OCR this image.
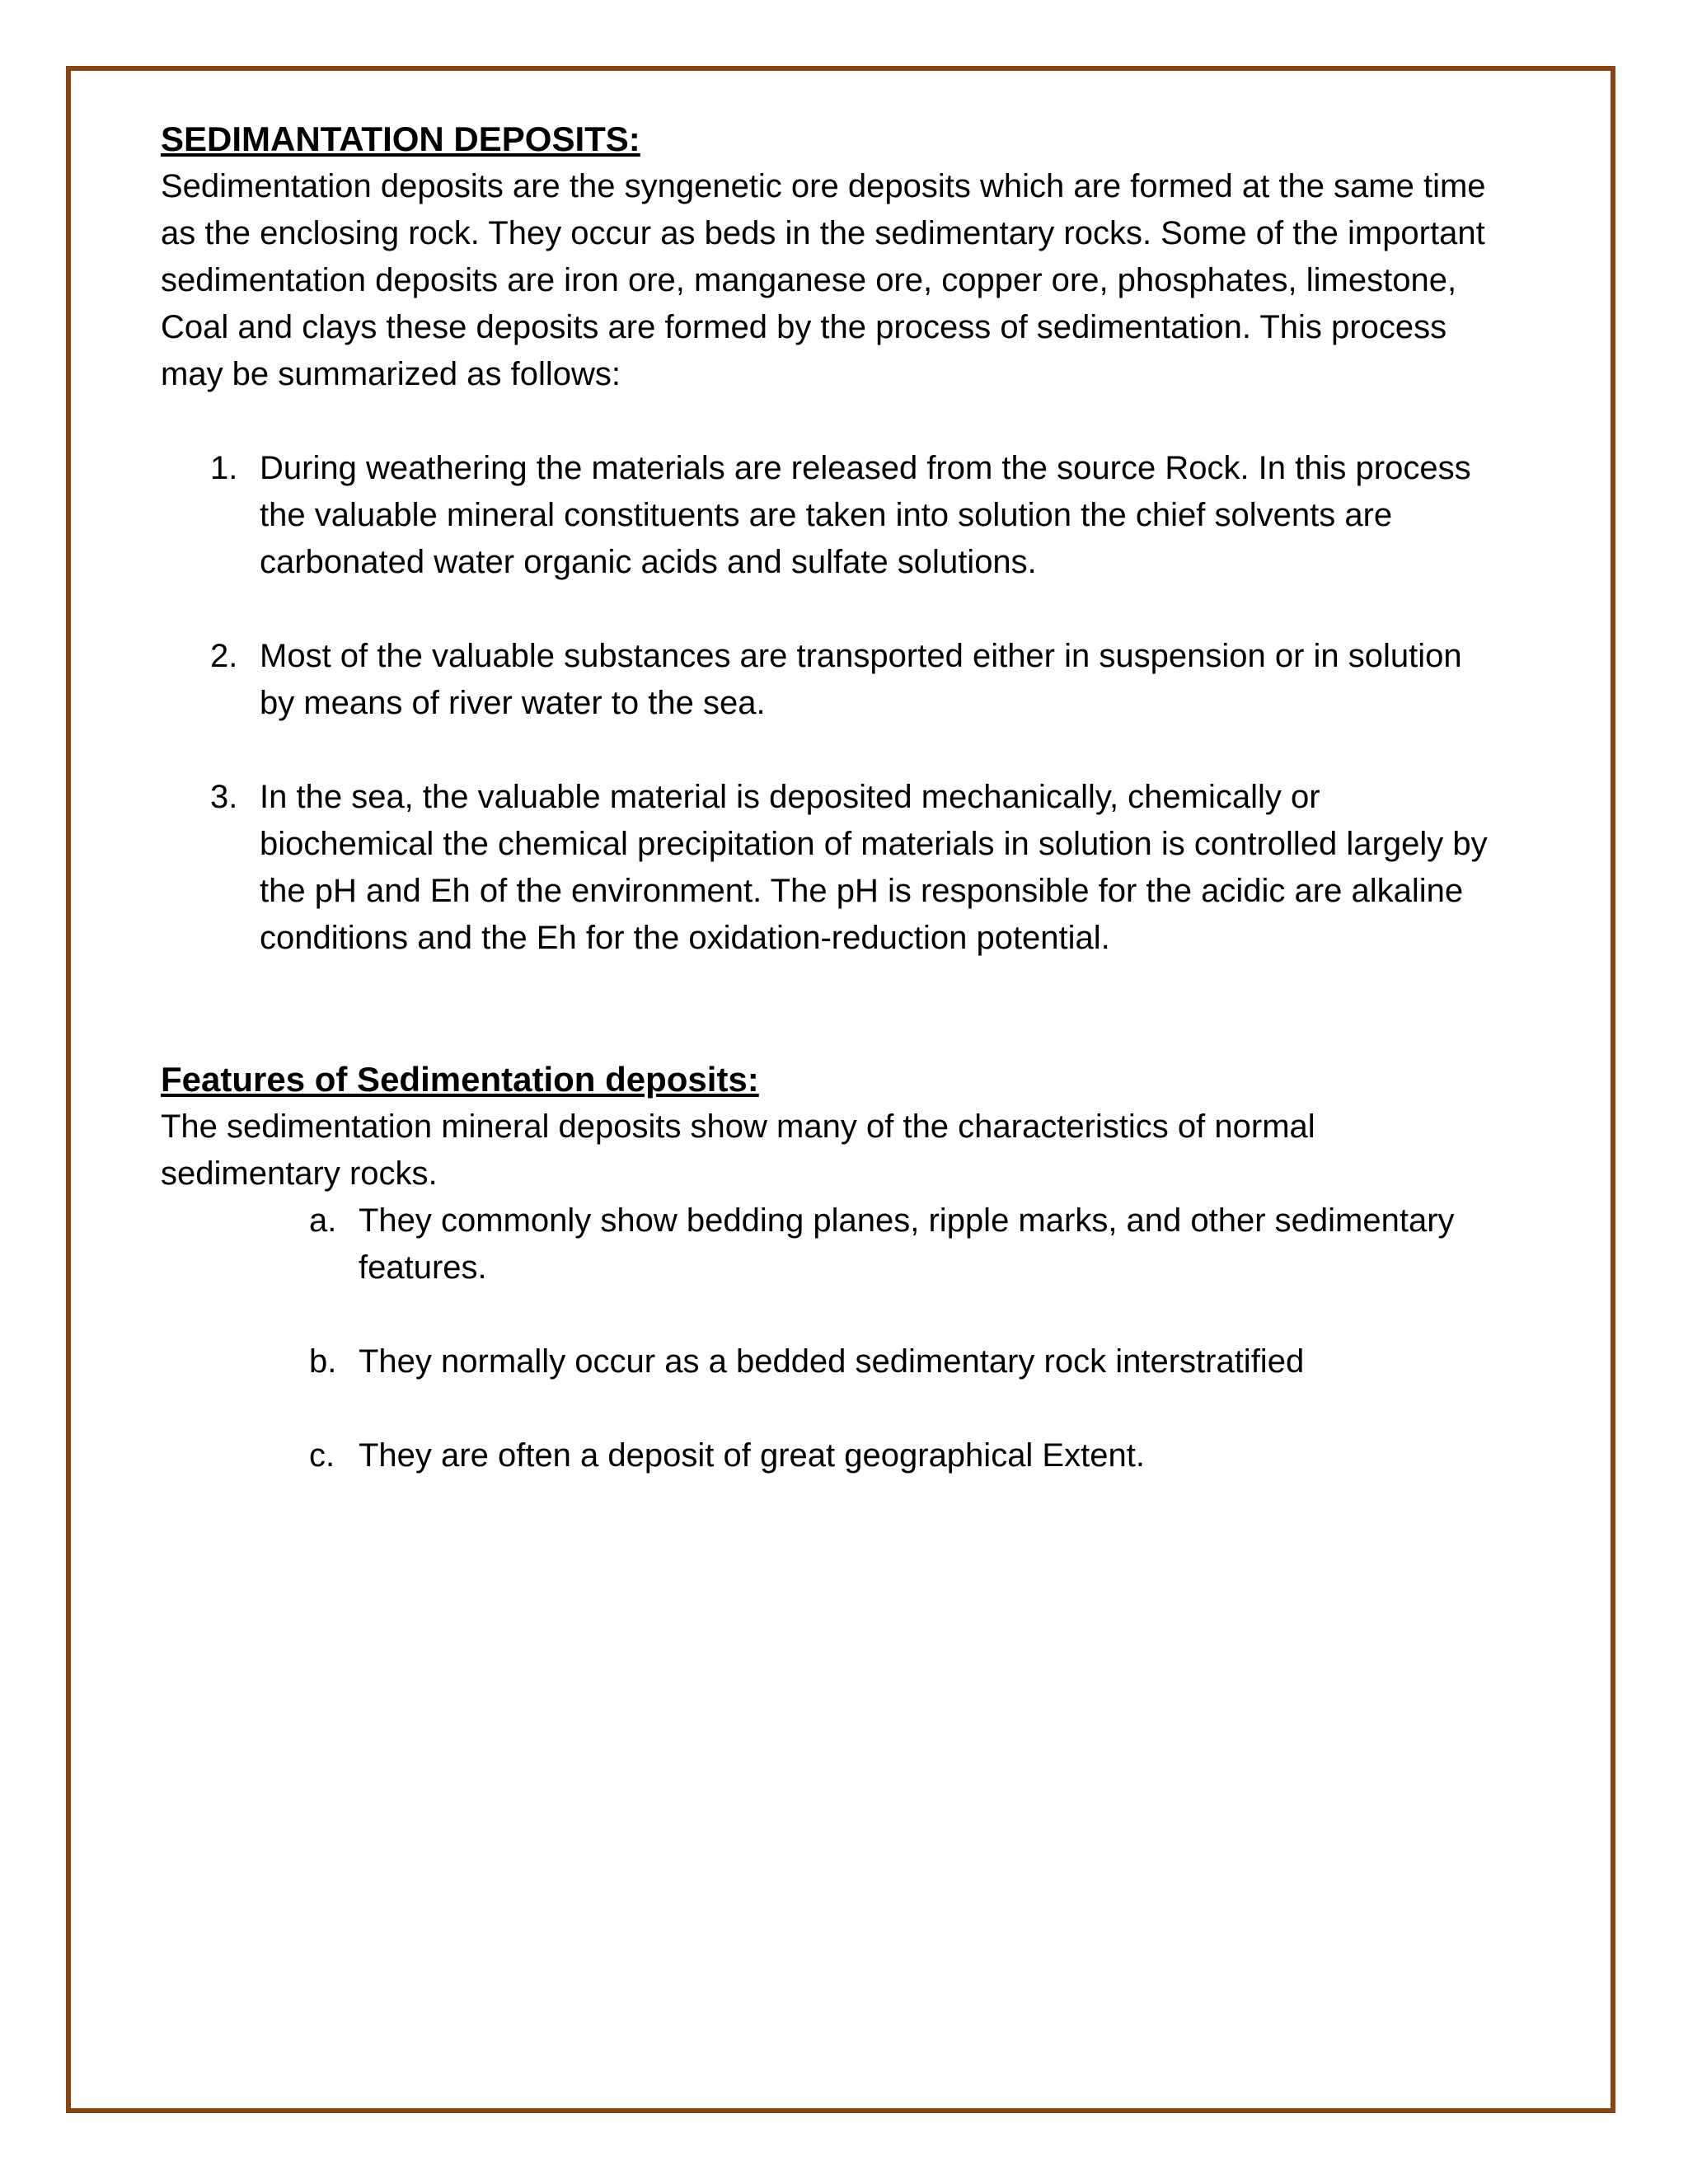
SEDIMANTATION DEPOSITS:

Sedimentation deposits are the syngenetic ore deposits which are formed at the same time as the enclosing rock. They occur as beds in the sedimentary rocks. Some of the important sedimentation deposits are iron ore, manganese ore, copper ore, phosphates, limestone, Coal and clays these deposits are formed by the process of sedimentation. This process may be summarized as follows:

1. During weathering the materials are released from the source Rock. In this process the valuable mineral constituents are taken into solution the chief solvents are carbonated water organic acids and sulfate solutions.
2. Most of the valuable substances are transported either in suspension or in solution by means of river water to the sea.
3. In the sea, the valuable material is deposited mechanically, chemically or biochemical the chemical precipitation of materials in solution is controlled largely by the pH and Eh of the environment. The pH is responsible for the acidic are alkaline conditions and the Eh for the oxidation-reduction potential.
Features of Sedimentation deposits:

The sedimentation mineral deposits show many of the characteristics of normal sedimentary rocks.

a. They commonly show bedding planes, ripple marks, and other sedimentary features.
b. They normally occur as a bedded sedimentary rock interstratified
c. They are often a deposit of great geographical Extent.
